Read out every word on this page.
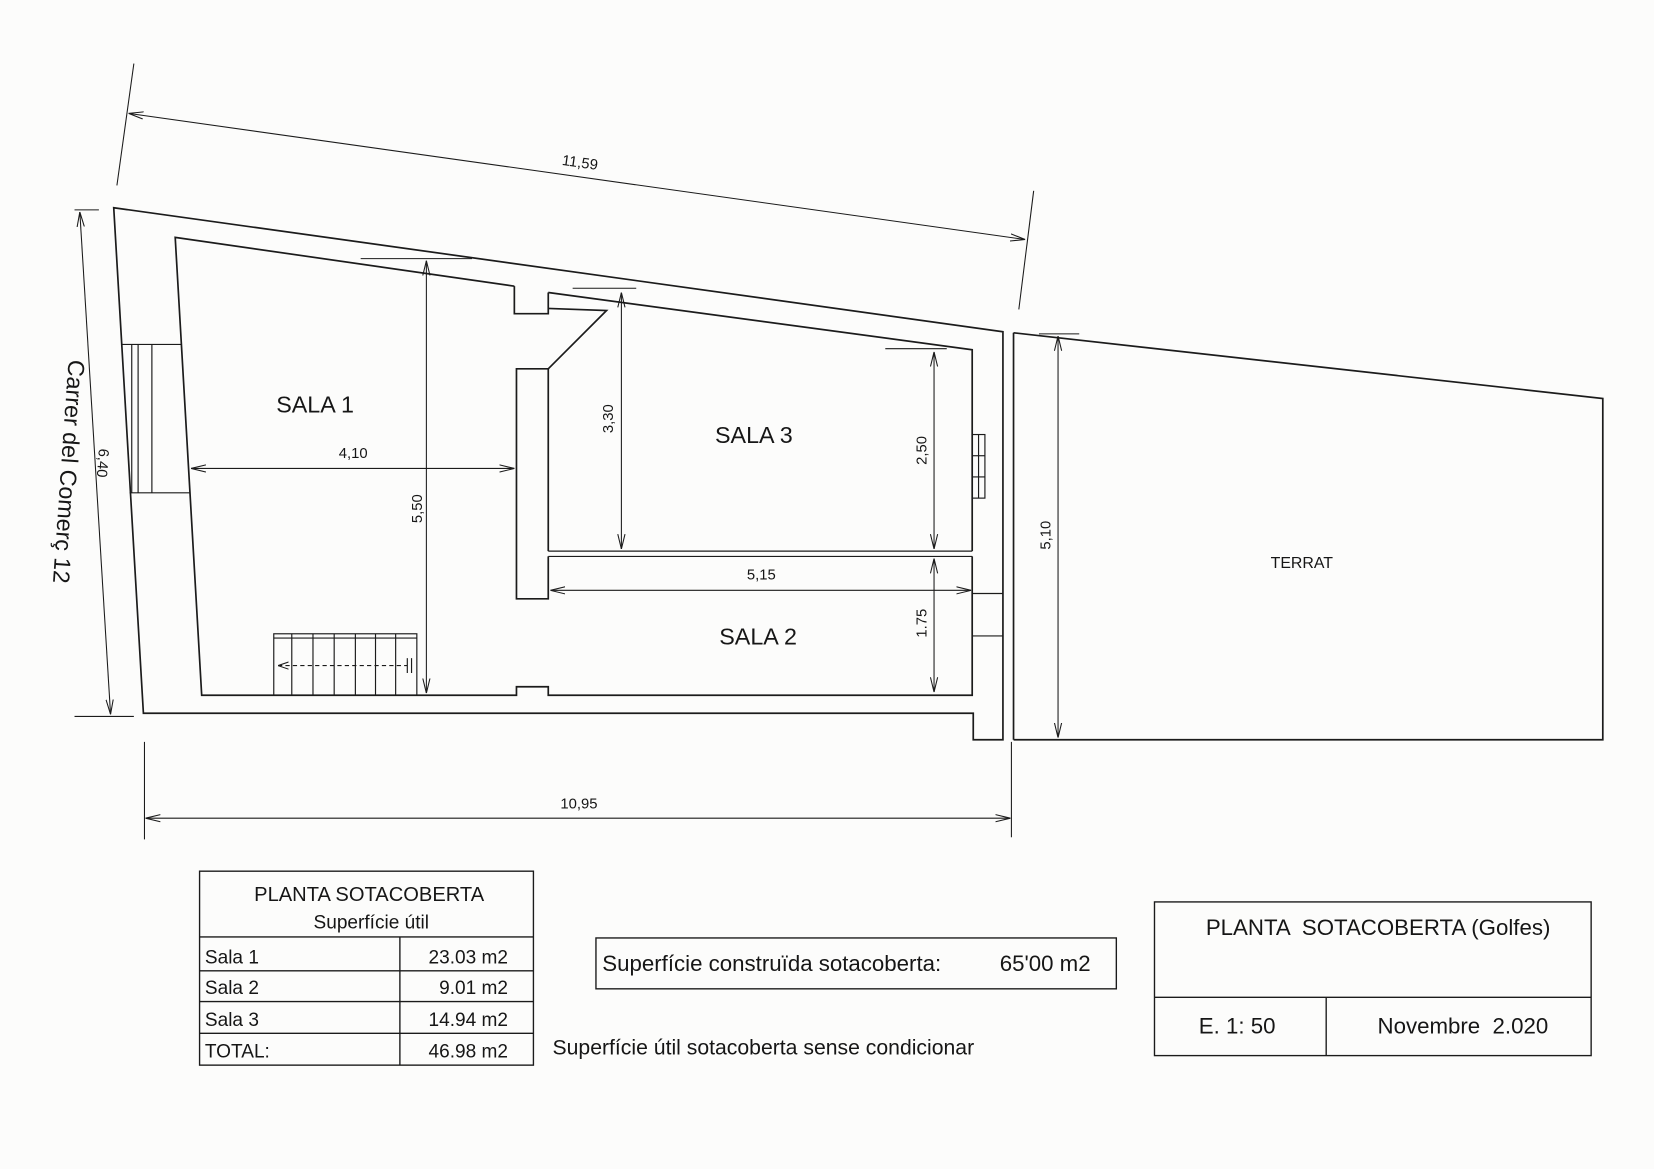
11,59
6,40
Carrer del Comerç 12	4,10
5,50
3,30
2,50
5,15
1.75
5,10
10,95
SALA 1
SALA 3
SALA 2
TERRAT
PLANTA SOTACOBERTA
Superfície útil
Sala 1	23.03 m2
Sala 2	9.01 m2
Sala 3	14.94 m2
TOTAL:	46.98 m2
Superfície construïda sotacoberta:	65'00 m2
Superfície útil sotacoberta sense condicionar
PLANTA  SOTACOBERTA (Golfes)
E. 1: 50	Novembre  2.020
